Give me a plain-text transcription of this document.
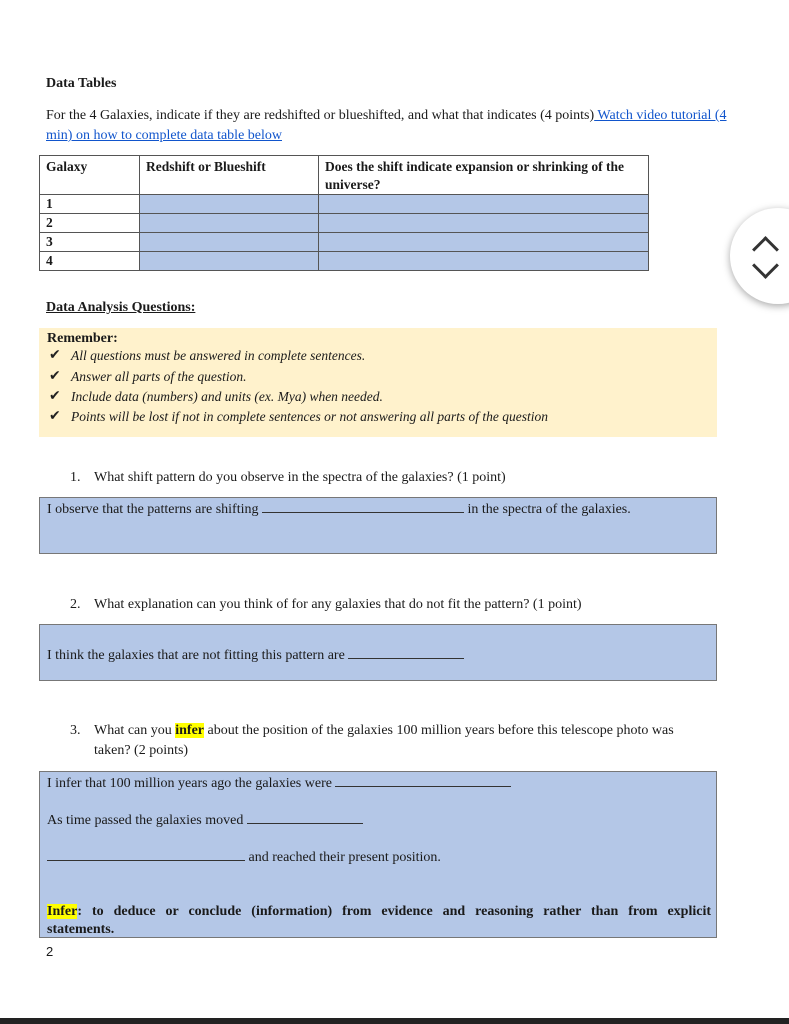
Data Tables
For the 4 Galaxies, indicate if they are redshifted or blueshifted, and what that indicates (4 points) Watch video tutorial (4 min) on how to complete data table below
Galaxy	Redshift or Blueshift	Does the shift indicate expansion or shrinking of the universe?
1		
2		
3		
4		
Data Analysis Questions:
Remember:
✔ All questions must be answered in complete sentences.
✔ Answer all parts of the question.
✔ Include data (numbers) and units (ex. Mya) when needed.
✔ Points will be lost if not in complete sentences or not answering all parts of the question
1. What shift pattern do you observe in the spectra of the galaxies? (1 point)
I observe that the patterns are shifting	in the spectra of the galaxies.
2. What explanation can you think of for any galaxies that do not fit the pattern? (1 point)
I think the galaxies that are not fitting this pattern are
3. What can you infer about the position of the galaxies 100 million years before this telescope photo was
taken? (2 points)
I infer that 100 million years ago the galaxies were
As time passed the galaxies moved
and reached their present position.
Infer: to deduce or conclude (information) from evidence and reasoning rather than from explicit
statements.
2
